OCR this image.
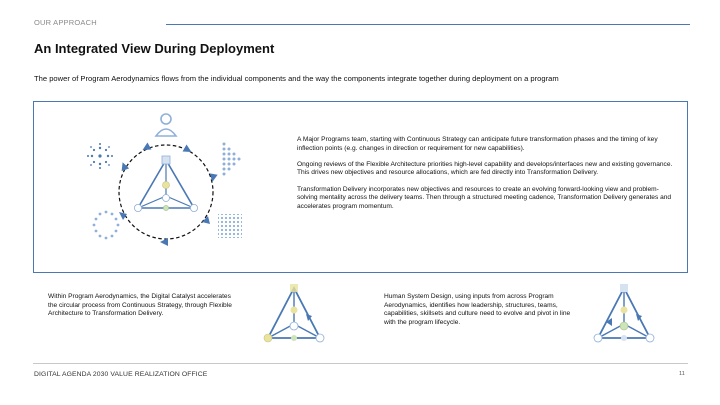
OUR APPROACH
An Integrated View During Deployment
The power of Program Aerodynamics flows from the individual components and the way the components integrate together during deployment on a program

A Major Programs team, starting with Continuous Strategy can anticipate future transformation phases and the timing of key inflection points (e.g. changes in direction or requirement for new capabilities).

Ongoing reviews of the Flexible Architecture priorities high-level capability and develops/interfaces new and existing governance. This drives new objectives and resource allocations, which are fed directly into Transformation Delivery.

Transformation Delivery incorporates new objectives and resources to create an evolving forward-looking view and problem-solving mentality across the delivery teams. Then through a structured meeting cadence, Transformation Delivery generates and accelerates program momentum.

Within Program Aerodynamics, the Digital Catalyst accelerates the circular process from Continuous Strategy, through Flexible Architecture to Transformation Delivery.
Human System Design, using inputs from across Program Aerodynamics, identifies how leadership, structures, teams, capabilities, skillsets and culture need to evolve and pivot in line with the program lifecycle.
DIGITAL AGENDA 2030 VALUE REALIZATION OFFICE	11
